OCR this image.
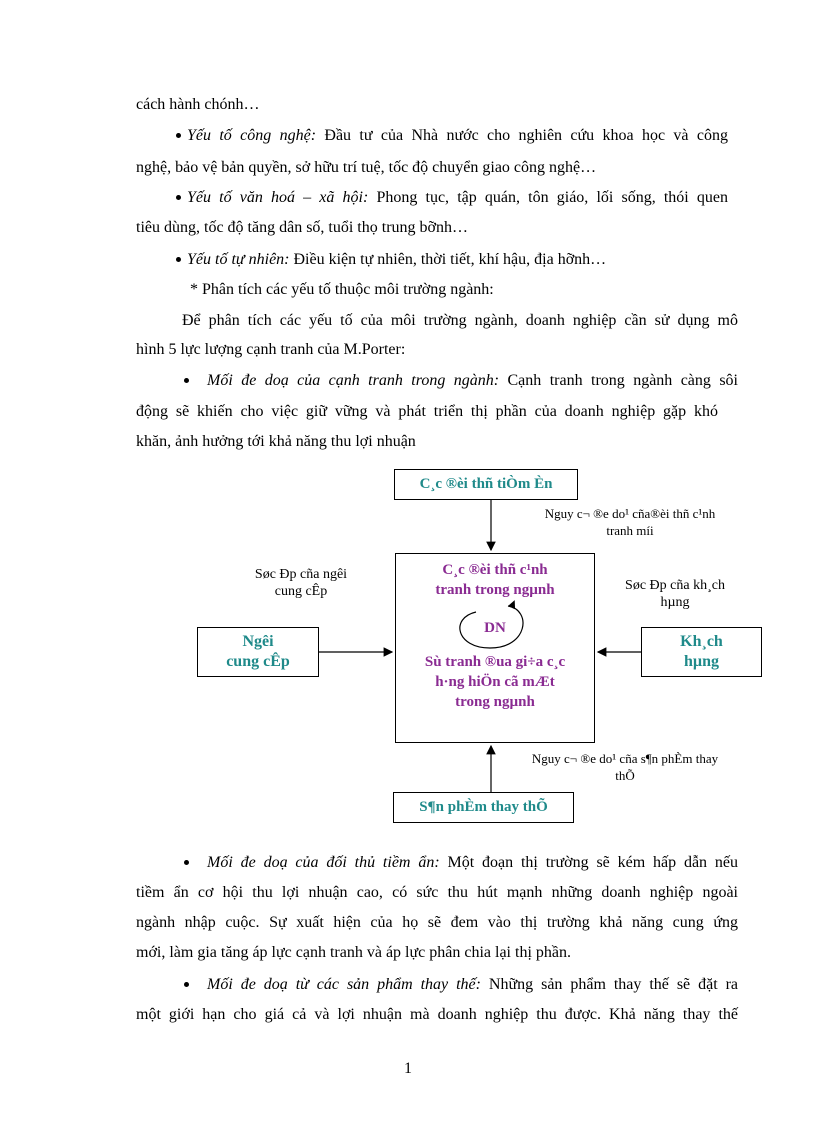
cách hành chónh…
Yếu tố công nghệ: Đầu tư của Nhà nước cho nghiên cứu khoa học và công
nghệ, bảo vệ bản quyền, sở hữu trí tuệ, tốc độ chuyển giao công nghệ…
Yếu tố văn hoá – xã hội: Phong tục, tập quán, tôn giáo, lối sống, thói quen
tiêu dùng, tốc độ tăng dân số, tuổi thọ trung bỡnh…
Yếu tố tự nhiên: Điều kiện tự nhiên, thời tiết, khí hậu, địa hỡnh…
* Phân tích các yếu tố thuộc môi trường ngành:
Để phân tích các yếu tố của môi trường ngành, doanh nghiệp cần sử dụng mô
hình 5 lực lượng cạnh tranh của M.Porter:
Mối đe doạ của cạnh tranh trong ngành: Cạnh tranh trong ngành càng sôi
động sẽ khiến cho việc giữ vững và phát triển thị phần của doanh nghiệp gặp khó
khăn, ảnh hưởng tới khả năng thu lợi nhuận
C¸c ®èi thñ tiÒm Èn
Nguy c¬ ®e do¹ cña®èi thñ c¹nh
tranh míi
C¸c ®èi thñ c¹nh
tranh trong ngµnh
DN
Sù tranh ®ua gi÷a c¸c
h·ng hiÖn cã mÆt
trong ngµnh
Søc Ðp cña ngêi
cung cÊp
Ngêi
cung cÊp
Søc Ðp cña kh¸ch
hµng
Kh¸ch
hµng
Nguy c¬ ®e do¹ cña s¶n phÈm thay
thÕ
S¶n phÈm thay thÕ
Mối đe doạ của đối thủ tiềm ẩn: Một đoạn thị trường sẽ kém hấp dẫn nếu
tiềm ẩn cơ hội thu lợi nhuận cao, có sức thu hút mạnh những doanh nghiệp ngoài
ngành nhập cuộc. Sự xuất hiện của họ sẽ đem vào thị trường khả năng cung ứng
mới, làm gia tăng áp lực cạnh tranh và áp lực phân chia lại thị phần.
Mối đe doạ từ các sản phẩm thay thế: Những sản phẩm thay thế sẽ đặt ra
một giới hạn cho giá cả và lợi nhuận mà doanh nghiệp thu được. Khả năng thay thế
1
